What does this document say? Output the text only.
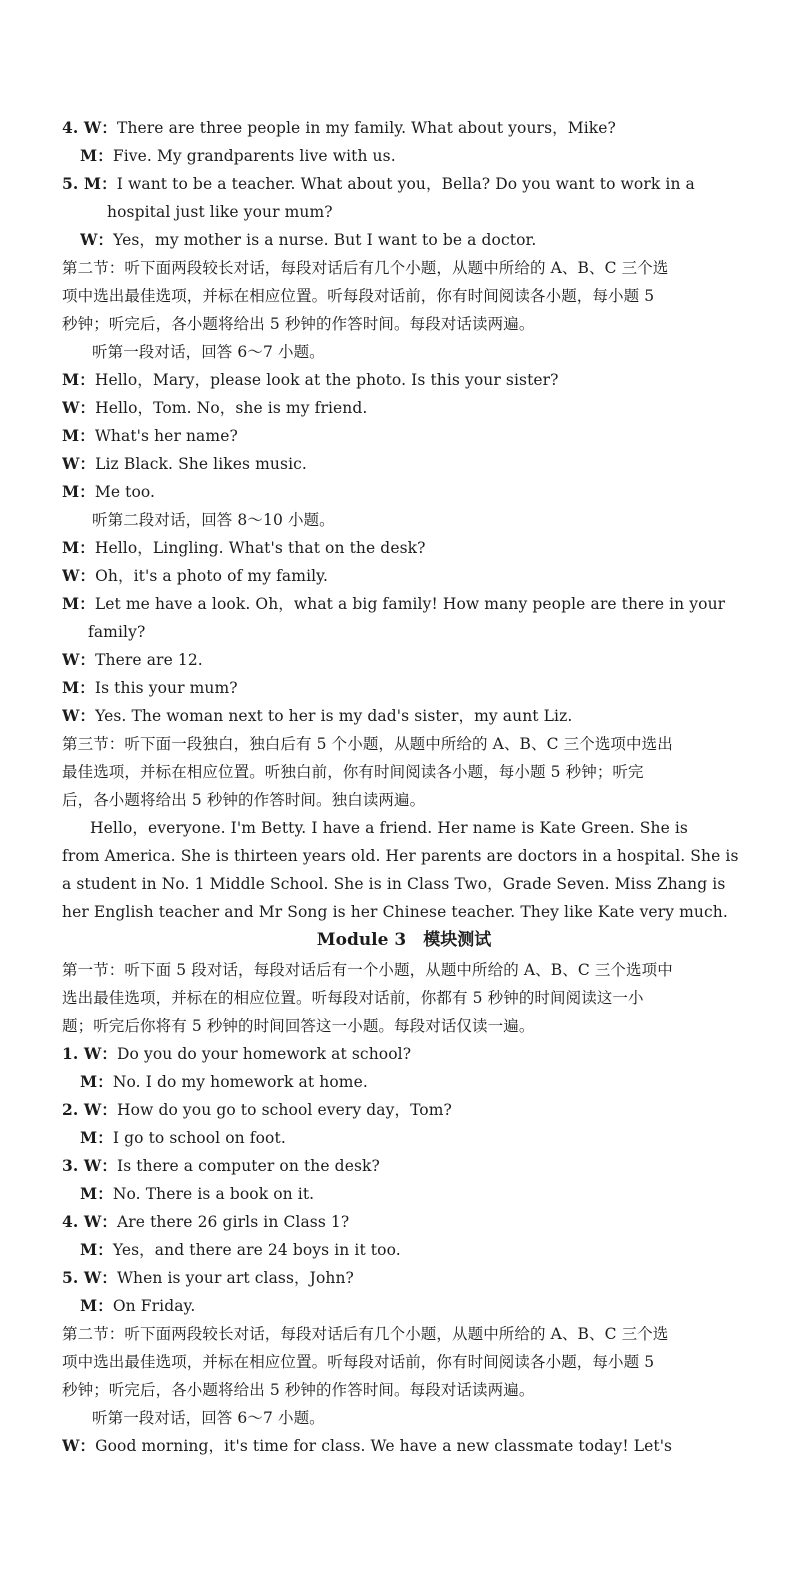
4. W：There are three people in my family. What about yours，Mike?
M：Five. My grandparents live with us.
5. M：I want to be a teacher. What about you，Bella? Do you want to work in a
hospital just like your mum?
W：Yes，my mother is a nurse. But I want to be a doctor.
第二节：听下面两段较长对话，每段对话后有几个小题，从题中所给的 A、B、C 三个选
项中选出最佳选项，并标在相应位置。听每段对话前，你有时间阅读各小题，每小题 5
秒钟；听完后，各小题将给出 5 秒钟的作答时间。每段对话读两遍。
听第一段对话，回答 6～7 小题。
M：Hello，Mary，please look at the photo. Is this your sister?
W：Hello，Tom. No，she is my friend.
M：What's her name?
W：Liz Black. She likes music.
M：Me too.
听第二段对话，回答 8～10 小题。
M：Hello，Lingling. What's that on the desk?
W：Oh，it's a photo of my family.
M：Let me have a look. Oh，what a big family! How many people are there in your
family?
W：There are 12.
M：Is this your mum?
W：Yes. The woman next to her is my dad's sister，my aunt Liz.
第三节：听下面一段独白，独白后有 5 个小题，从题中所给的 A、B、C 三个选项中选出
最佳选项，并标在相应位置。听独白前，你有时间阅读各小题，每小题 5 秒钟；听完
后，各小题将给出 5 秒钟的作答时间。独白读两遍。
Hello，everyone. I'm Betty. I have a friend. Her name is Kate Green. She is
from America. She is thirteen years old. Her parents are doctors in a hospital. She is
a student in No. 1 Middle School. She is in Class Two，Grade Seven. Miss Zhang is
her English teacher and Mr Song is her Chinese teacher. They like Kate very much.
第一节：听下面 5 段对话，每段对话后有一个小题，从题中所给的 A、B、C 三个选项中
选出最佳选项，并标在的相应位置。听每段对话前，你都有 5 秒钟的时间阅读这一小
题；听完后你将有 5 秒钟的时间回答这一小题。每段对话仅读一遍。
1. W：Do you do your homework at school?
M：No. I do my homework at home.
2. W：How do you go to school every day，Tom?
M：I go to school on foot.
3. W：Is there a computer on the desk?
M：No. There is a book on it.
4. W：Are there 26 girls in Class 1?
M：Yes，and there are 24 boys in it too.
5. W：When is your art class，John?
M：On Friday.
第二节：听下面两段较长对话，每段对话后有几个小题，从题中所给的 A、B、C 三个选
项中选出最佳选项，并标在相应位置。听每段对话前，你有时间阅读各小题，每小题 5
秒钟；听完后，各小题将给出 5 秒钟的作答时间。每段对话读两遍。
听第一段对话，回答 6～7 小题。
W：Good morning，it's time for class. We have a new classmate today! Let's
Module 3　模块测试
